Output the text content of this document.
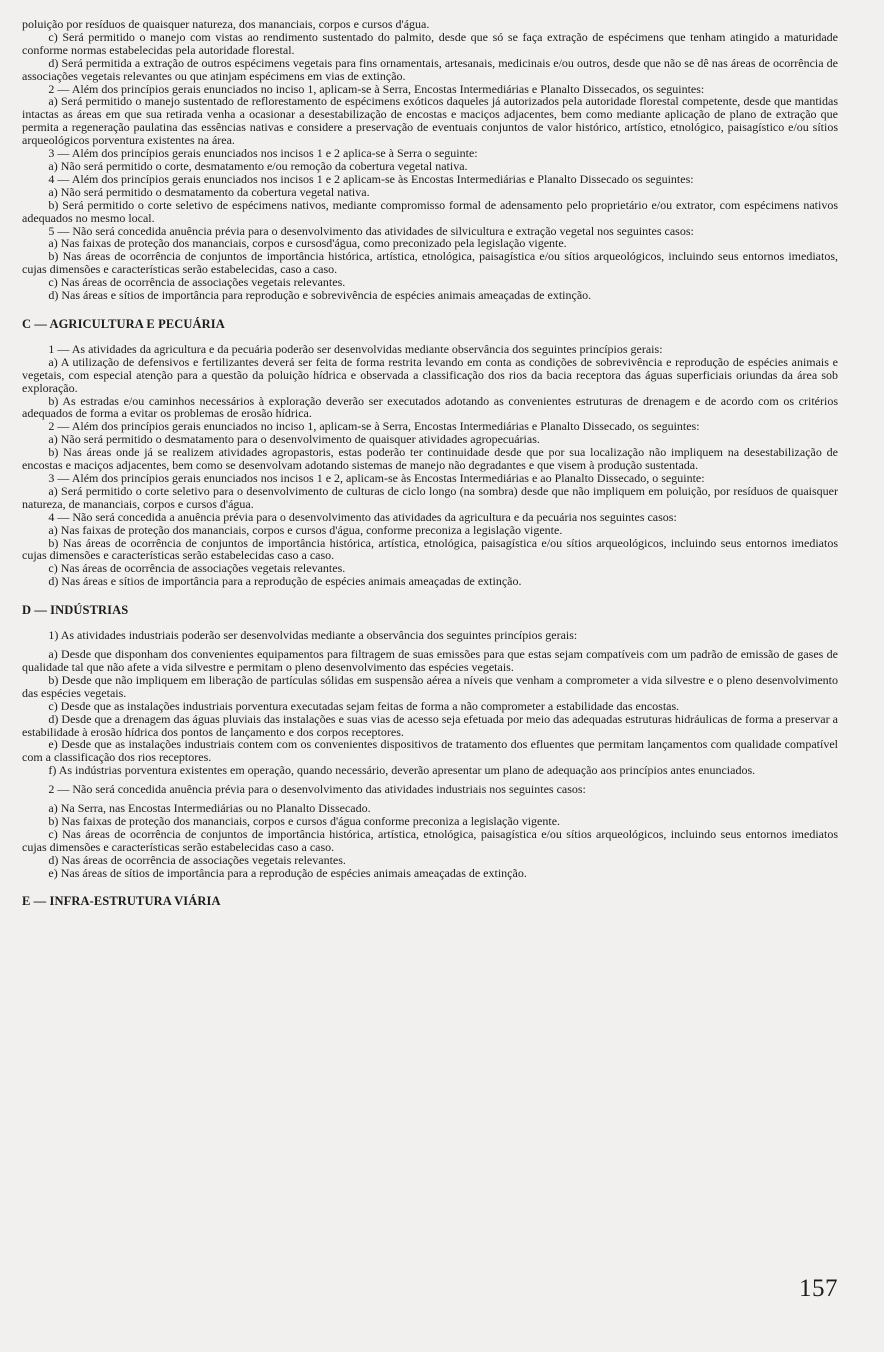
poluição por resíduos de quaisquer natureza, dos mananciais, corpos e cursos d'água.

c) Será permitido o manejo com vistas ao rendimento sustentado do palmito, desde que só se faça extração de espécimens que tenham atingido a maturidade conforme normas estabelecidas pela autoridade florestal.

d) Será permitida a extração de outros espécimens vegetais para fins ornamentais, artesanais, medicinais e/ou outros, desde que não se dê nas áreas de ocorrência de associações vegetais relevantes ou que atinjam espécimens em vias de extinção.

2 — Além dos princípios gerais enunciados no inciso 1, aplicam-se à Serra, Encostas Intermediárias e Planalto Dissecados, os seguintes:

a) Será permitido o manejo sustentado de reflorestamento de espécimens exóticos daqueles já autorizados pela autoridade florestal competente, desde que mantidas intactas as áreas em que sua retirada venha a ocasionar a desestabilização de encostas e maciços adjacentes, bem como mediante aplicação de plano de extração que permita a regeneração paulatina das essências nativas e considere a preservação de eventuais conjuntos de valor histórico, artístico, etnológico, paisagístico e/ou sítios arqueológicos porventura existentes na área.

3 — Além dos princípios gerais enunciados nos incisos 1 e 2 aplica-se à Serra o seguinte:

a) Não será permitido o corte, desmatamento e/ou remoção da cobertura vegetal nativa.

4 — Além dos princípios gerais enunciados nos incisos 1 e 2 aplicam-se às Encostas Intermediárias e Planalto Dissecado os seguintes:

a) Não será permitido o desmatamento da cobertura vegetal nativa.

b) Será permitido o corte seletivo de espécimens nativos, mediante compromisso formal de adensamento pelo proprietário e/ou extrator, com espécimens nativos adequados no mesmo local.

5 — Não será concedida anuência prévia para o desenvolvimento das atividades de silvicultura e extração vegetal nos seguintes casos:

a) Nas faixas de proteção dos mananciais, corpos e cursosd'água, como preconizado pela legislação vigente.

b) Nas áreas de ocorrência de conjuntos de importância histórica, artística, etnológica, paisagística e/ou sítios arqueológicos, incluindo seus entornos imediatos, cujas dimensões e características serão estabelecidas, caso a caso.

c) Nas áreas de ocorrência de associações vegetais relevantes.

d) Nas áreas e sítios de importância para reprodução e sobrevivência de espécies animais ameaçadas de extinção.

C — AGRICULTURA E PECUÁRIA

1 — As atividades da agricultura e da pecuária poderão ser desenvolvidas mediante observância dos seguintes princípios gerais:

a) A utilização de defensivos e fertilizantes deverá ser feita de forma restrita levando em conta as condições de sobrevivência e reprodução de espécies animais e vegetais, com especial atenção para a questão da poluição hídrica e observada a classificação dos rios da bacia receptora das águas superficiais oriundas da área sob exploração.

b) As estradas e/ou caminhos necessários à exploração deverão ser executados adotando as convenientes estruturas de drenagem e de acordo com os critérios adequados de forma a evitar os problemas de erosão hídrica.

2 — Além dos princípios gerais enunciados no inciso 1, aplicam-se à Serra, Encostas Intermediárias e Planalto Dissecado, os seguintes:

a) Não será permitido o desmatamento para o desenvolvimento de quaisquer atividades agropecuárias.

b) Nas áreas onde já se realizem atividades agropastoris, estas poderão ter continuidade desde que por sua localização não impliquem na desestabilização de encostas e maciços adjacentes, bem como se desenvolvam adotando sistemas de manejo não degradantes e que visem à produção sustentada.

3 — Além dos princípios gerais enunciados nos incisos 1 e 2, aplicam-se às Encostas Intermediárias e ao Planalto Dissecado, o seguinte:

a) Será permitido o corte seletivo para o desenvolvimento de culturas de ciclo longo (na sombra) desde que não impliquem em poluição, por resíduos de quaisquer natureza, de mananciais, corpos e cursos d'água.

4 — Não será concedida a anuência prévia para o desenvolvimento das atividades da agricultura e da pecuária nos seguintes casos:

a) Nas faixas de proteção dos mananciais, corpos e cursos d'água, conforme preconiza a legislação vigente.

b) Nas áreas de ocorrência de conjuntos de importância histórica, artística, etnológica, paisagística e/ou sítios arqueológicos, incluindo seus entornos imediatos cujas dimensões e características serão estabelecidas caso a caso.

c) Nas áreas de ocorrência de associações vegetais relevantes.

d) Nas áreas e sítios de importância para a reprodução de espécies animais ameaçadas de extinção.

D — INDÚSTRIAS

1) As atividades industriais poderão ser desenvolvidas mediante a observância dos seguintes princípios gerais:

a) Desde que disponham dos convenientes equipamentos para filtragem de suas emissões para que estas sejam compatíveis com um padrão de emissão de gases de qualidade tal que não afete a vida silvestre e permitam o pleno desenvolvimento das espécies vegetais.

b) Desde que não impliquem em liberação de partículas sólidas em suspensão aérea a níveis que venham a comprometer a vida silvestre e o pleno desenvolvimento das espécies vegetais.

c) Desde que as instalações industriais porventura executadas sejam feitas de forma a não comprometer a estabilidade das encostas.

d) Desde que a drenagem das águas pluviais das instalações e suas vias de acesso seja efetuada por meio das adequadas estruturas hidráulicas de forma a preservar a estabilidade à erosão hídrica dos pontos de lançamento e dos corpos receptores.

e) Desde que as instalações industriais contem com os convenientes dispositivos de tratamento dos efluentes que permitam lançamentos com qualidade compatível com a classificação dos rios receptores.

f) As indústrias porventura existentes em operação, quando necessário, deverão apresentar um plano de adequação aos princípios antes enunciados.

2 — Não será concedida anuência prévia para o desenvolvimento das atividades industriais nos seguintes casos:

a) Na Serra, nas Encostas Intermediárias ou no Planalto Dissecado.

b) Nas faixas de proteção dos mananciais, corpos e cursos d'água conforme preconiza a legislação vigente.

c) Nas áreas de ocorrência de conjuntos de importância histórica, artística, etnológica, paisagística e/ou sítios arqueológicos, incluindo seus entornos imediatos cujas dimensões e características serão estabelecidas caso a caso.

d) Nas áreas de ocorrência de associações vegetais relevantes.

e) Nas áreas de sítios de importância para a reprodução de espécies animais ameaçadas de extinção.

E — INFRA-ESTRUTURA VIÁRIA
157
